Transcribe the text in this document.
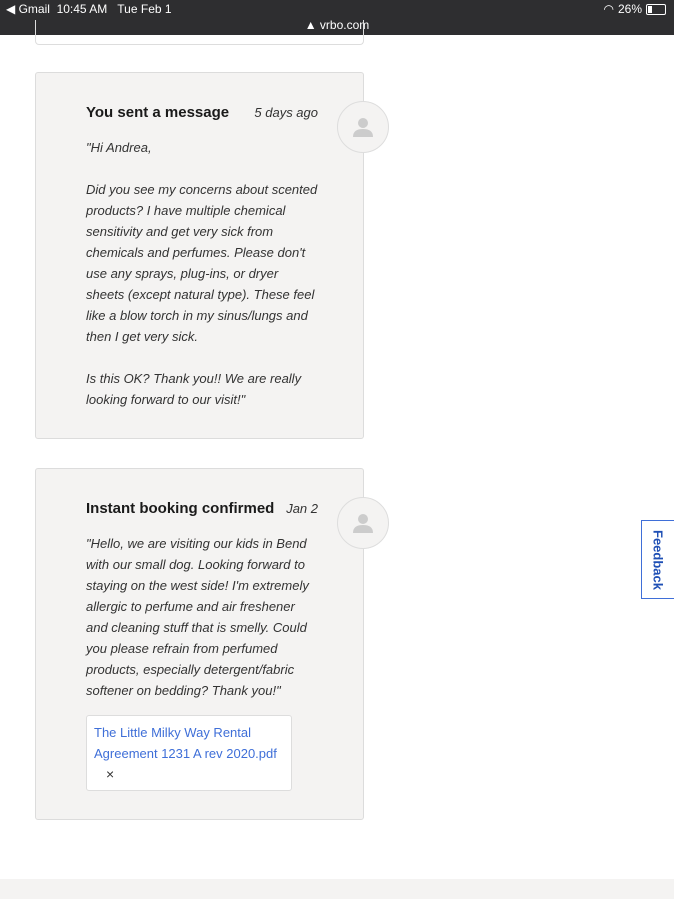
◀ Gmail 10:45 AM Tue Feb 1	◠ 26%
▲ vrbo.com
You sent a message 5 days ago
"Hi Andrea,

Did you see my concerns about scented products? I have multiple chemical sensitivity and get very sick from chemicals and perfumes. Please don't use any sprays, plug-ins, or dryer sheets (except natural type). These feel like a blow torch in my sinus/lungs and then I get very sick.

Is this OK? Thank you!! We are really looking forward to our visit!"
Instant booking confirmed Jan 2
"Hello, we are visiting our kids in Bend with our small dog. Looking forward to staying on the west side! I'm extremely allergic to perfume and air freshener and cleaning stuff that is smelly. Could you please refrain from perfumed products, especially detergent/fabric softener on bedding? Thank you!"
The Little Milky Way Rental Agreement 1231 A rev 2020.pdf
×
Feedback
